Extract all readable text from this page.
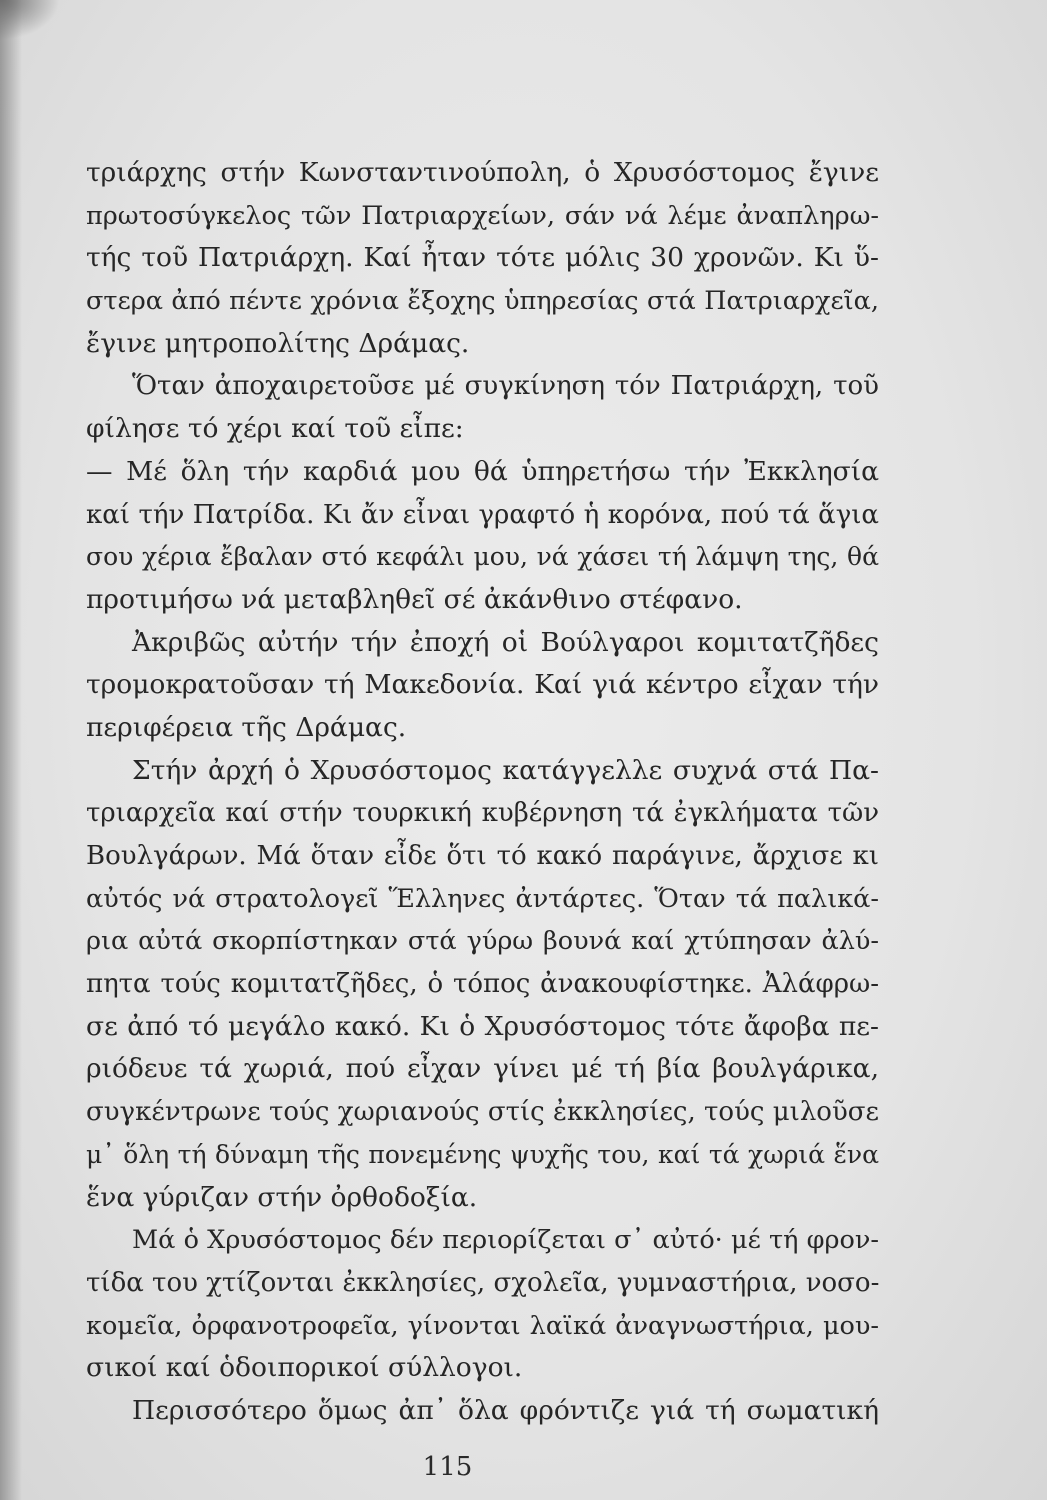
τριάρχης στήν Κωνσταντινούπολη, ὁ Χρυσόστομος ἔγινε
πρωτοσύγκελος τῶν Πατριαρχείων, σάν νά λέμε ἀναπληρω-
τής τοῦ Πατριάρχη. Καί ἦταν τότε μόλις 30 χρονῶν. Κι ὕ-
στερα ἀπό πέντε χρόνια ἔξοχης ὑπηρεσίας στά Πατριαρχεῖα,
ἔγινε μητροπολίτης Δράμας.
Ὅταν ἀποχαιρετοῦσε μέ συγκίνηση τόν Πατριάρχη, τοῦ
φίλησε τό χέρι καί τοῦ εἶπε:
— Μέ ὅλη τήν καρδιά μου θά ὑπηρετήσω τήν Ἐκκλησία
καί τήν Πατρίδα. Κι ἄν εἶναι γραφτό ἡ κορόνα, πού τά ἅγια
σου χέρια ἔβαλαν στό κεφάλι μου, νά χάσει τή λάμψη της, θά
προτιμήσω νά μεταβληθεῖ σέ ἀκάνθινο στέφανο.
Ἀκριβῶς αὐτήν τήν ἐποχή οἱ Βούλγαροι κομιτατζῆδες
τρομοκρατοῦσαν τή Μακεδονία. Καί γιά κέντρο εἶχαν τήν
περιφέρεια τῆς Δράμας.
Στήν ἀρχή ὁ Χρυσόστομος κατάγγελλε συχνά στά Πα-
τριαρχεῖα καί στήν τουρκική κυβέρνηση τά ἐγκλήματα τῶν
Βουλγάρων. Μά ὅταν εἶδε ὅτι τό κακό παράγινε, ἄρχισε κι
αὐτός νά στρατολογεῖ Ἕλληνες ἀντάρτες. Ὅταν τά παλικά-
ρια αὐτά σκορπίστηκαν στά γύρω βουνά καί χτύπησαν ἀλύ-
πητα τούς κομιτατζῆδες, ὁ τόπος ἀνακουφίστηκε. Ἀλάφρω-
σε ἀπό τό μεγάλο κακό. Κι ὁ Χρυσόστομος τότε ἄφοβα πε-
ριόδευε τά χωριά, πού εἶχαν γίνει μέ τή βία βουλγάρικα,
συγκέντρωνε τούς χωριανούς στίς ἐκκλησίες, τούς μιλοῦσε
μ᾽ ὅλη τή δύναμη τῆς πονεμένης ψυχῆς του, καί τά χωριά ἕνα
ἕνα γύριζαν στήν ὀρθοδοξία.
Μά ὁ Χρυσόστομος δέν περιορίζεται σ᾽ αὐτό· μέ τή φρον-
τίδα του χτίζονται ἐκκλησίες, σχολεῖα, γυμναστήρια, νοσο-
κομεῖα, ὀρφανοτροφεῖα, γίνονται λαϊκά ἀναγνωστήρια, μου-
σικοί καί ὁδοιπορικοί σύλλογοι.
Περισσότερο ὅμως ἀπ᾽ ὅλα φρόντιζε γιά τή σωματική
115
